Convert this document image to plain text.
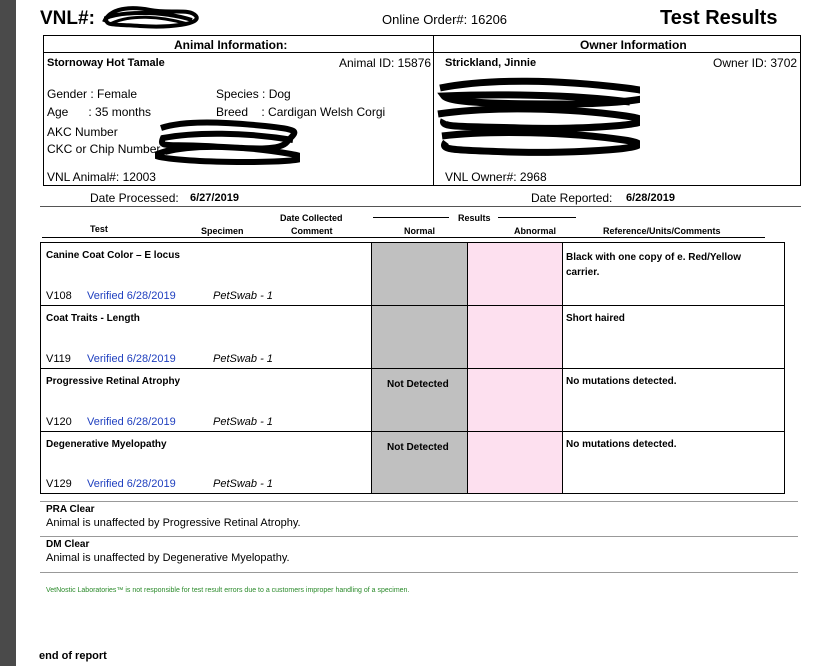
VNL#:	Online Order#: 16206	Test Results
Animal Information:	Owner Information
Stornoway Hot Tamale	Animal ID: 15876
Gender : Female	Species : Dog
Age      : 35 months	Breed    : Cardigan Welsh Corgi
AKC Number
CKC or Chip Number
VNL Animal#: 12003
Strickland, Jinnie	Owner ID: 3702
VNL Owner#: 2968
Date Processed: 6/27/2019	Date Reported: 6/28/2019
Date Collected
Comment
Test	Specimen
Results
Normal	Abnormal	Reference/Units/Comments
Canine Coat Color – E locus
V108 Verified 6/28/2019	PetSwab - 1
Black with one copy of e. Red/Yellow carrier.
Coat Traits - Length
V119 Verified 6/28/2019	PetSwab - 1
Short haired
Progressive Retinal Atrophy	Not Detected
V120 Verified 6/28/2019	PetSwab - 1
No mutations detected.
Degenerative Myelopathy	Not Detected
V129 Verified 6/28/2019	PetSwab - 1
No mutations detected.
PRA Clear
Animal is unaffected by Progressive Retinal Atrophy.
DM Clear
Animal is unaffected by Degenerative Myelopathy.
VetNostic Laboratories™ is not responsible for test result errors due to a customers improper handling of a specimen.
end of report
